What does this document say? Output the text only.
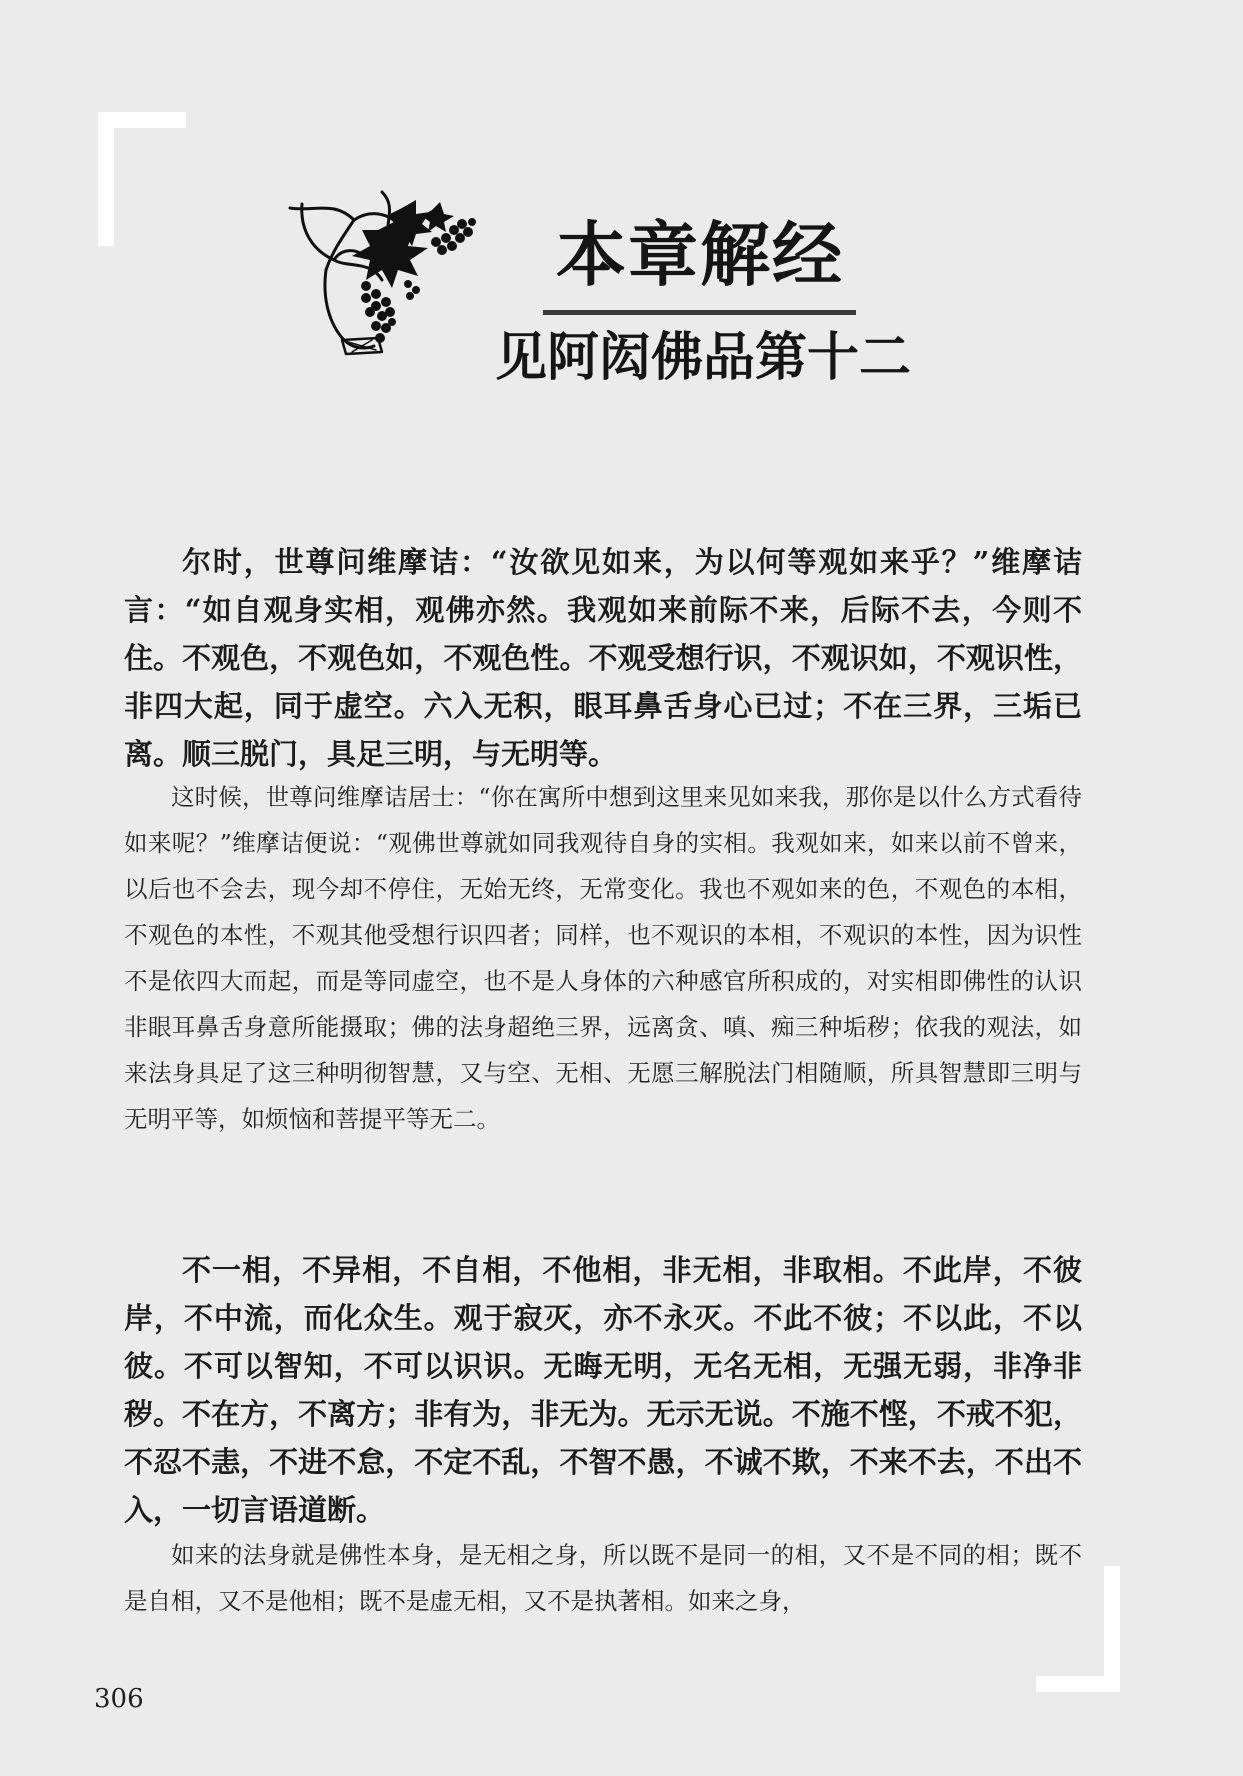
本章解经
见阿闳佛品第十二

尔时，世尊问维摩诘：“汝欲见如来，为以何等观如来乎？”维摩诘言：“如自观身实相，观佛亦然。我观如来前际不来，后际不去，今则不住。不观色，不观色如，不观色性。不观受想行识，不观识如，不观识性，非四大起，同于虚空。六入无积，眼耳鼻舌身心已过；不在三界，三垢已离。顺三脱门，具足三明，与无明等。

这时候，世尊问维摩诘居士：“你在寓所中想到这里来见如来我，那你是以什么方式看待如来呢？”维摩诘便说：“观佛世尊就如同我观待自身的实相。我观如来，如来以前不曾来，以后也不会去，现今却不停住，无始无终，无常变化。我也不观如来的色，不观色的本相，不观色的本性，不观其他受想行识四者；同样，也不观识的本相，不观识的本性，因为识性不是依四大而起，而是等同虚空，也不是人身体的六种感官所积成的，对实相即佛性的认识非眼耳鼻舌身意所能摄取；佛的法身超绝三界，远离贪、嗔、痴三种垢秽；依我的观法，如来法身具足了这三种明彻智慧，又与空、无相、无愿三解脱法门相随顺，所具智慧即三明与无明平等，如烦恼和菩提平等无二。

不一相，不异相，不自相，不他相，非无相，非取相。不此岸，不彼岸，不中流，而化众生。观于寂灭，亦不永灭。不此不彼；不以此，不以彼。不可以智知，不可以识识。无晦无明，无名无相，无强无弱，非净非秽。不在方，不离方；非有为，非无为。无示无说。不施不悭，不戒不犯，不忍不恚，不进不怠，不定不乱，不智不愚，不诚不欺，不来不去，不出不入，一切言语道断。

如来的法身就是佛性本身，是无相之身，所以既不是同一的相，又不是不同的相；既不是自相，又不是他相；既不是虚无相，又不是执著相。如来之身，

306
